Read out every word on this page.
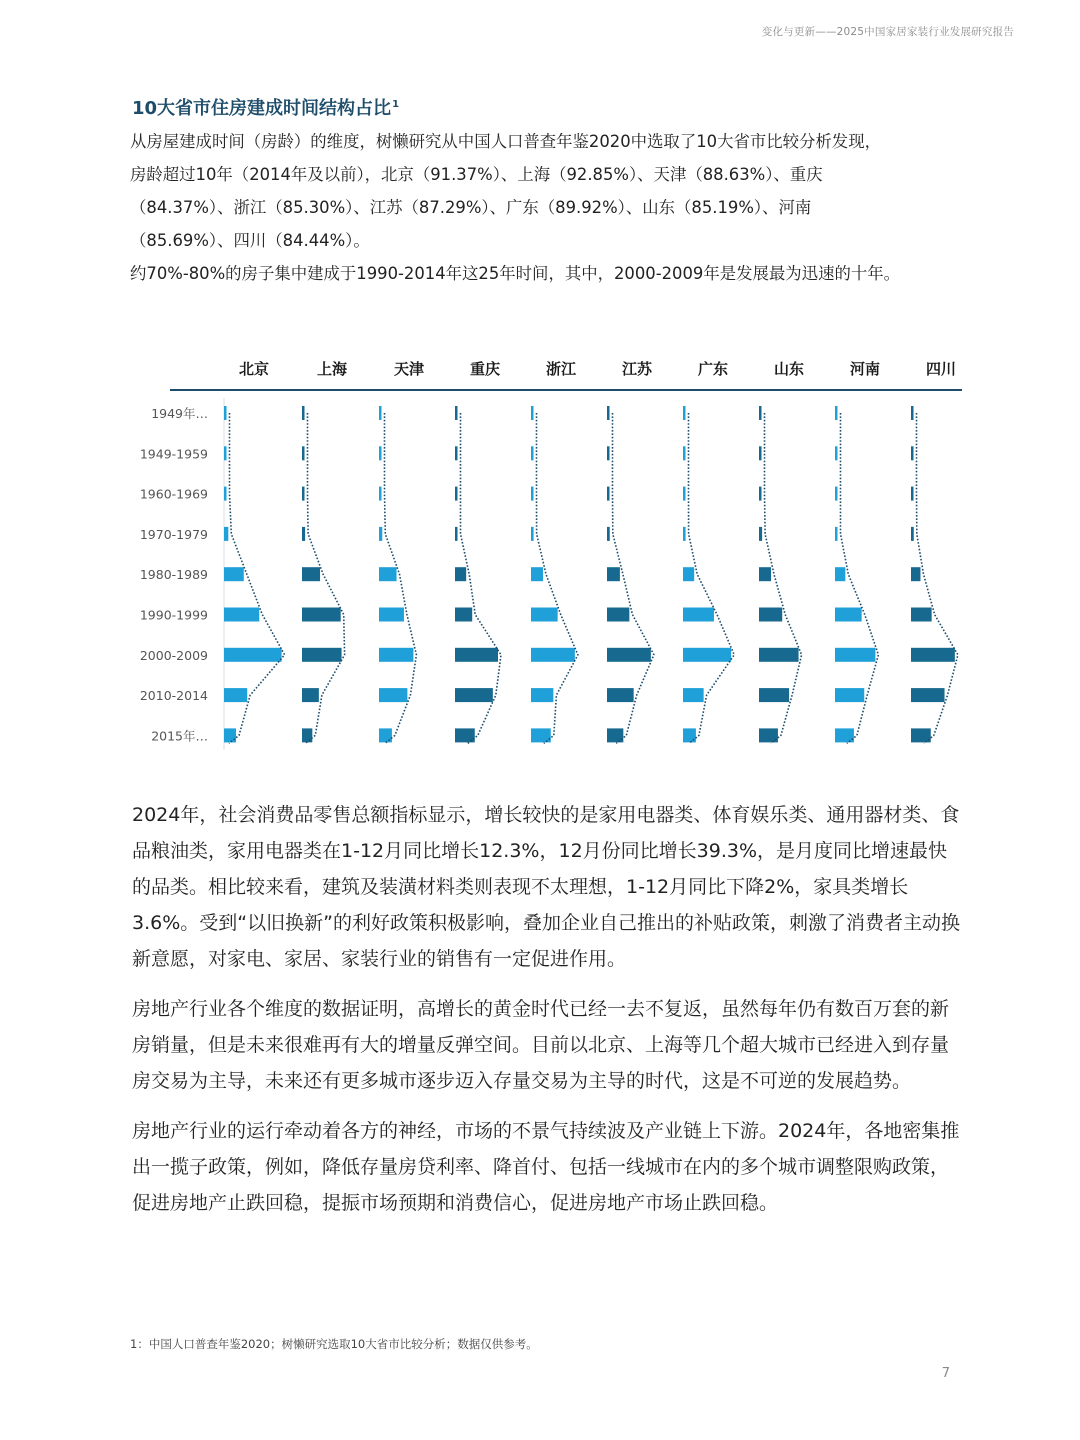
变化与更新——2025中国家居家装行业发展研究报告
10大省市住房建成时间结构占比$^1$

从房屋建成时间（房龄）的维度，树懒研究从中国人口普查年鉴2020中选取了10大省市比较分析发现，

房龄超过10年（2014年及以前），北京（91.37%）、上海（92.85%）、天津（88.63%）、重庆

（84.37%）、浙江（85.30%）、江苏（87.29%）、广东（89.92%）、山东（85.19%）、河南

（85.69%）、四川（84.44%）。

约70%-80%的房子集中建成于1990-2014年这25年时间，其中，2000-2009年是发展最为迅速的十年。

北京	上海	天津	重庆	浙江	江苏	广东	山东	河南	四川
1949年…
1949-1959
1960-1969
1970-1979
1980-1989
1990-1999
2000-2009
2010-2014
2015年…

2024年，社会消费品零售总额指标显示，增长较快的是家用电器类、体育娱乐类、通用器材类、食品粮油类，家用电器类在1-12月同比增长12.3%，12月份同比增长39.3%，是月度同比增速最快的品类。相比较来看，建筑及装潢材料类则表现不太理想，1-12月同比下降2%，家具类增长3.6%。受到“以旧换新”的利好政策积极影响，叠加企业自己推出的补贴政策，刺激了消费者主动换新意愿，对家电、家居、家装行业的销售有一定促进作用。

房地产行业各个维度的数据证明，高增长的黄金时代已经一去不复返，虽然每年仍有数百万套的新房销量，但是未来很难再有大的增量反弹空间。目前以北京、上海等几个超大城市已经进入到存量房交易为主导，未来还有更多城市逐步迈入存量交易为主导的时代，这是不可逆的发展趋势。

房地产行业的运行牵动着各方的神经，市场的不景气持续波及产业链上下游。2024年，各地密集推出一揽子政策，例如，降低存量房贷利率、降首付、包括一线城市在内的多个城市调整限购政策，促进房地产止跌回稳，提振市场预期和消费信心，促进房地产市场止跌回稳。

1：中国人口普查年鉴2020；树懒研究选取10大省市比较分析；数据仅供参考。
7
